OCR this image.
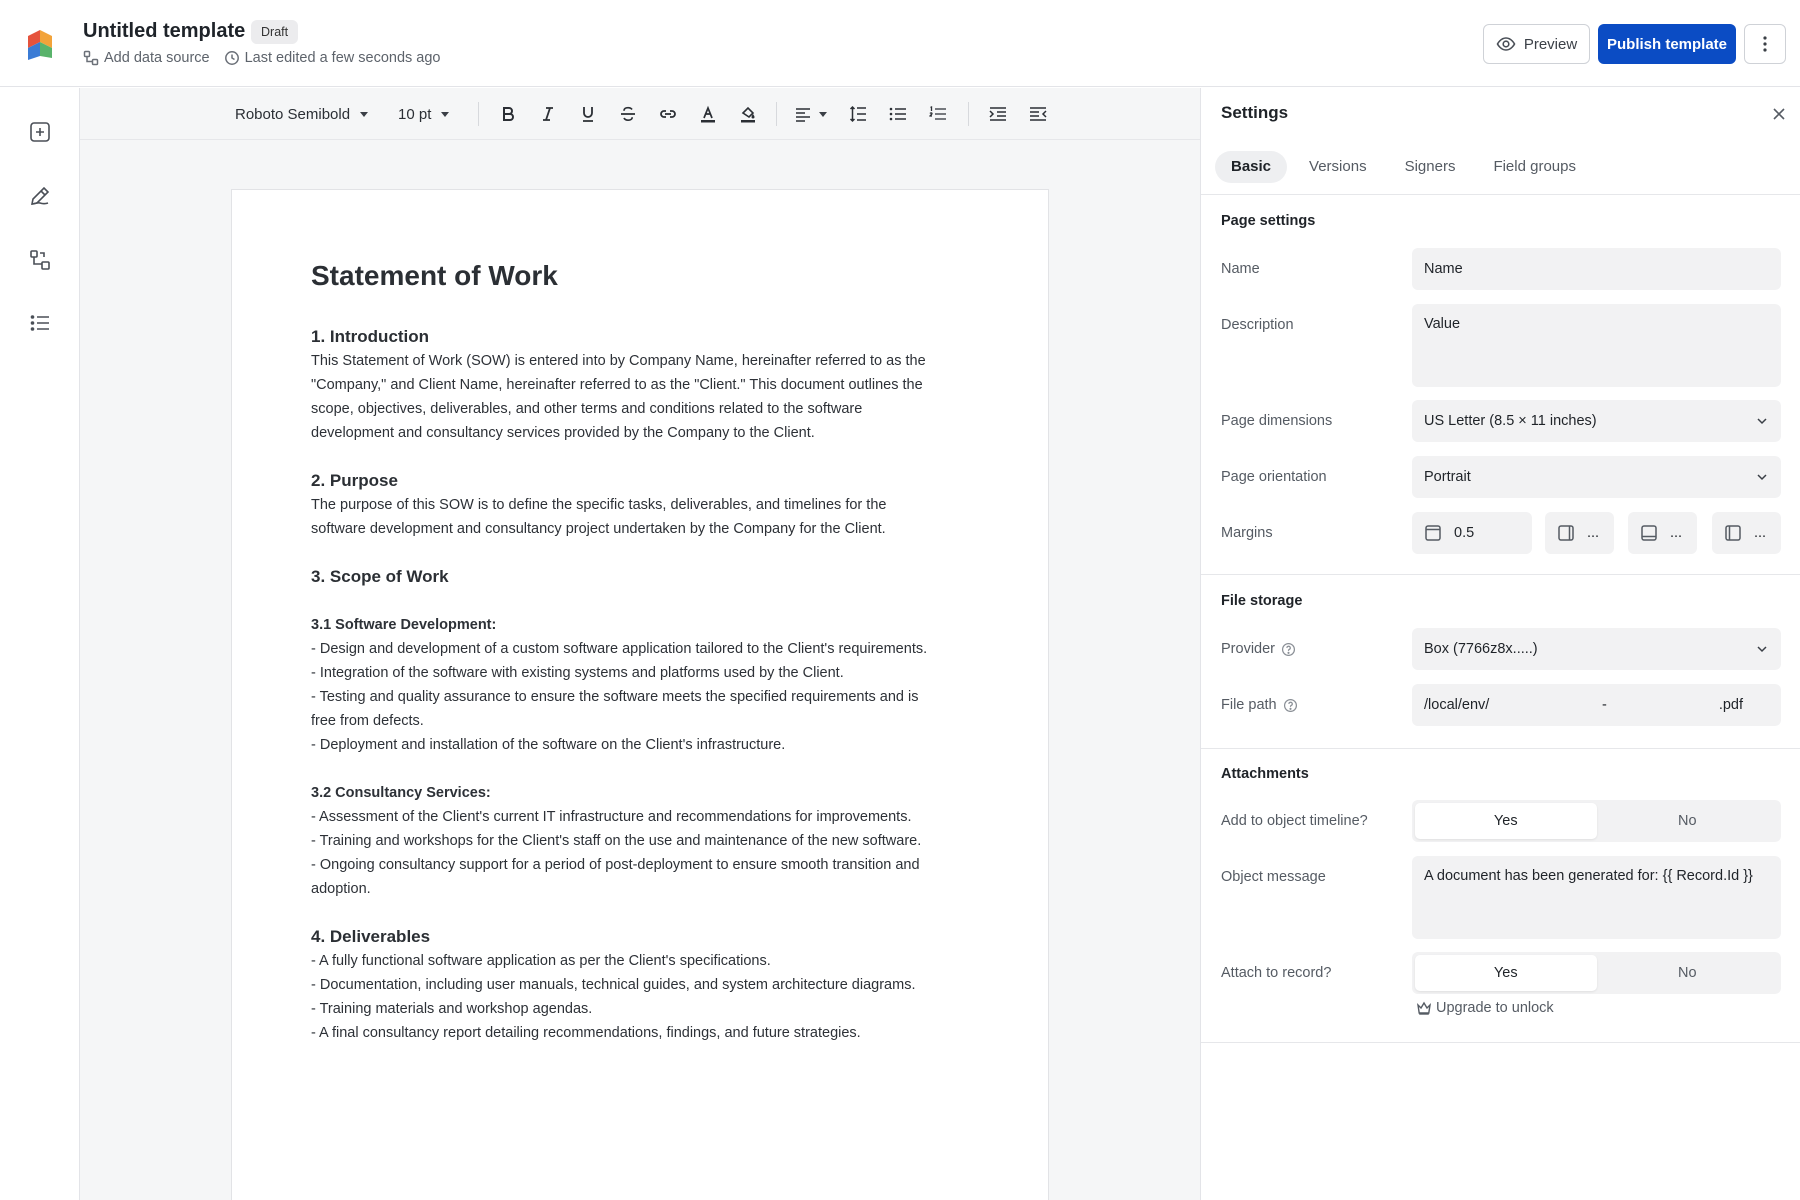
Untitled template	Draft
Add data source Last edited a few seconds ago
Preview	Publish template
Roboto Semibold	10 pt
Statement of Work
1. Introduction

This Statement of Work (SOW) is entered into by Company Name, hereinafter referred to as the

"Company," and Client Name, hereinafter referred to as the "Client." This document outlines the

scope, objectives, deliverables, and other terms and conditions related to the software

development and consultancy services provided by the Company to the Client.

2. Purpose

The purpose of this SOW is to define the specific tasks, deliverables, and timelines for the

software development and consultancy project undertaken by the Company for the Client.

3. Scope of Work

3.1 Software Development:

- Design and development of a custom software application tailored to the Client's requirements.

- Integration of the software with existing systems and platforms used by the Client.

- Testing and quality assurance to ensure the software meets the specified requirements and is

free from defects.

- Deployment and installation of the software on the Client's infrastructure.

3.2 Consultancy Services:

- Assessment of the Client's current IT infrastructure and recommendations for improvements.

- Training and workshops for the Client's staff on the use and maintenance of the new software.

- Ongoing consultancy support for a period of post-deployment to ensure smooth transition and

adoption.

4. Deliverables

- A fully functional software application as per the Client's specifications.

- Documentation, including user manuals, technical guides, and system architecture diagrams.

- Training materials and workshop agendas.

- A final consultancy report detailing recommendations, findings, and future strategies.

Settings
Basic	Versions	Signers	Field groups
Page settings
Name	Name
Description	Value
Page dimensions	US Letter (8.5 × 11 inches)
Page orientation	Portrait
Margins	0.5	...	...	...
File storage
Provider	Box (7766z8x.....)
File path	/local/env/	-	.pdf
Attachments
Add to object timeline?	Yes	No
Object message	A document has been generated for: {{ Record.Id }}
Attach to record?	Yes	No
Upgrade to unlock
